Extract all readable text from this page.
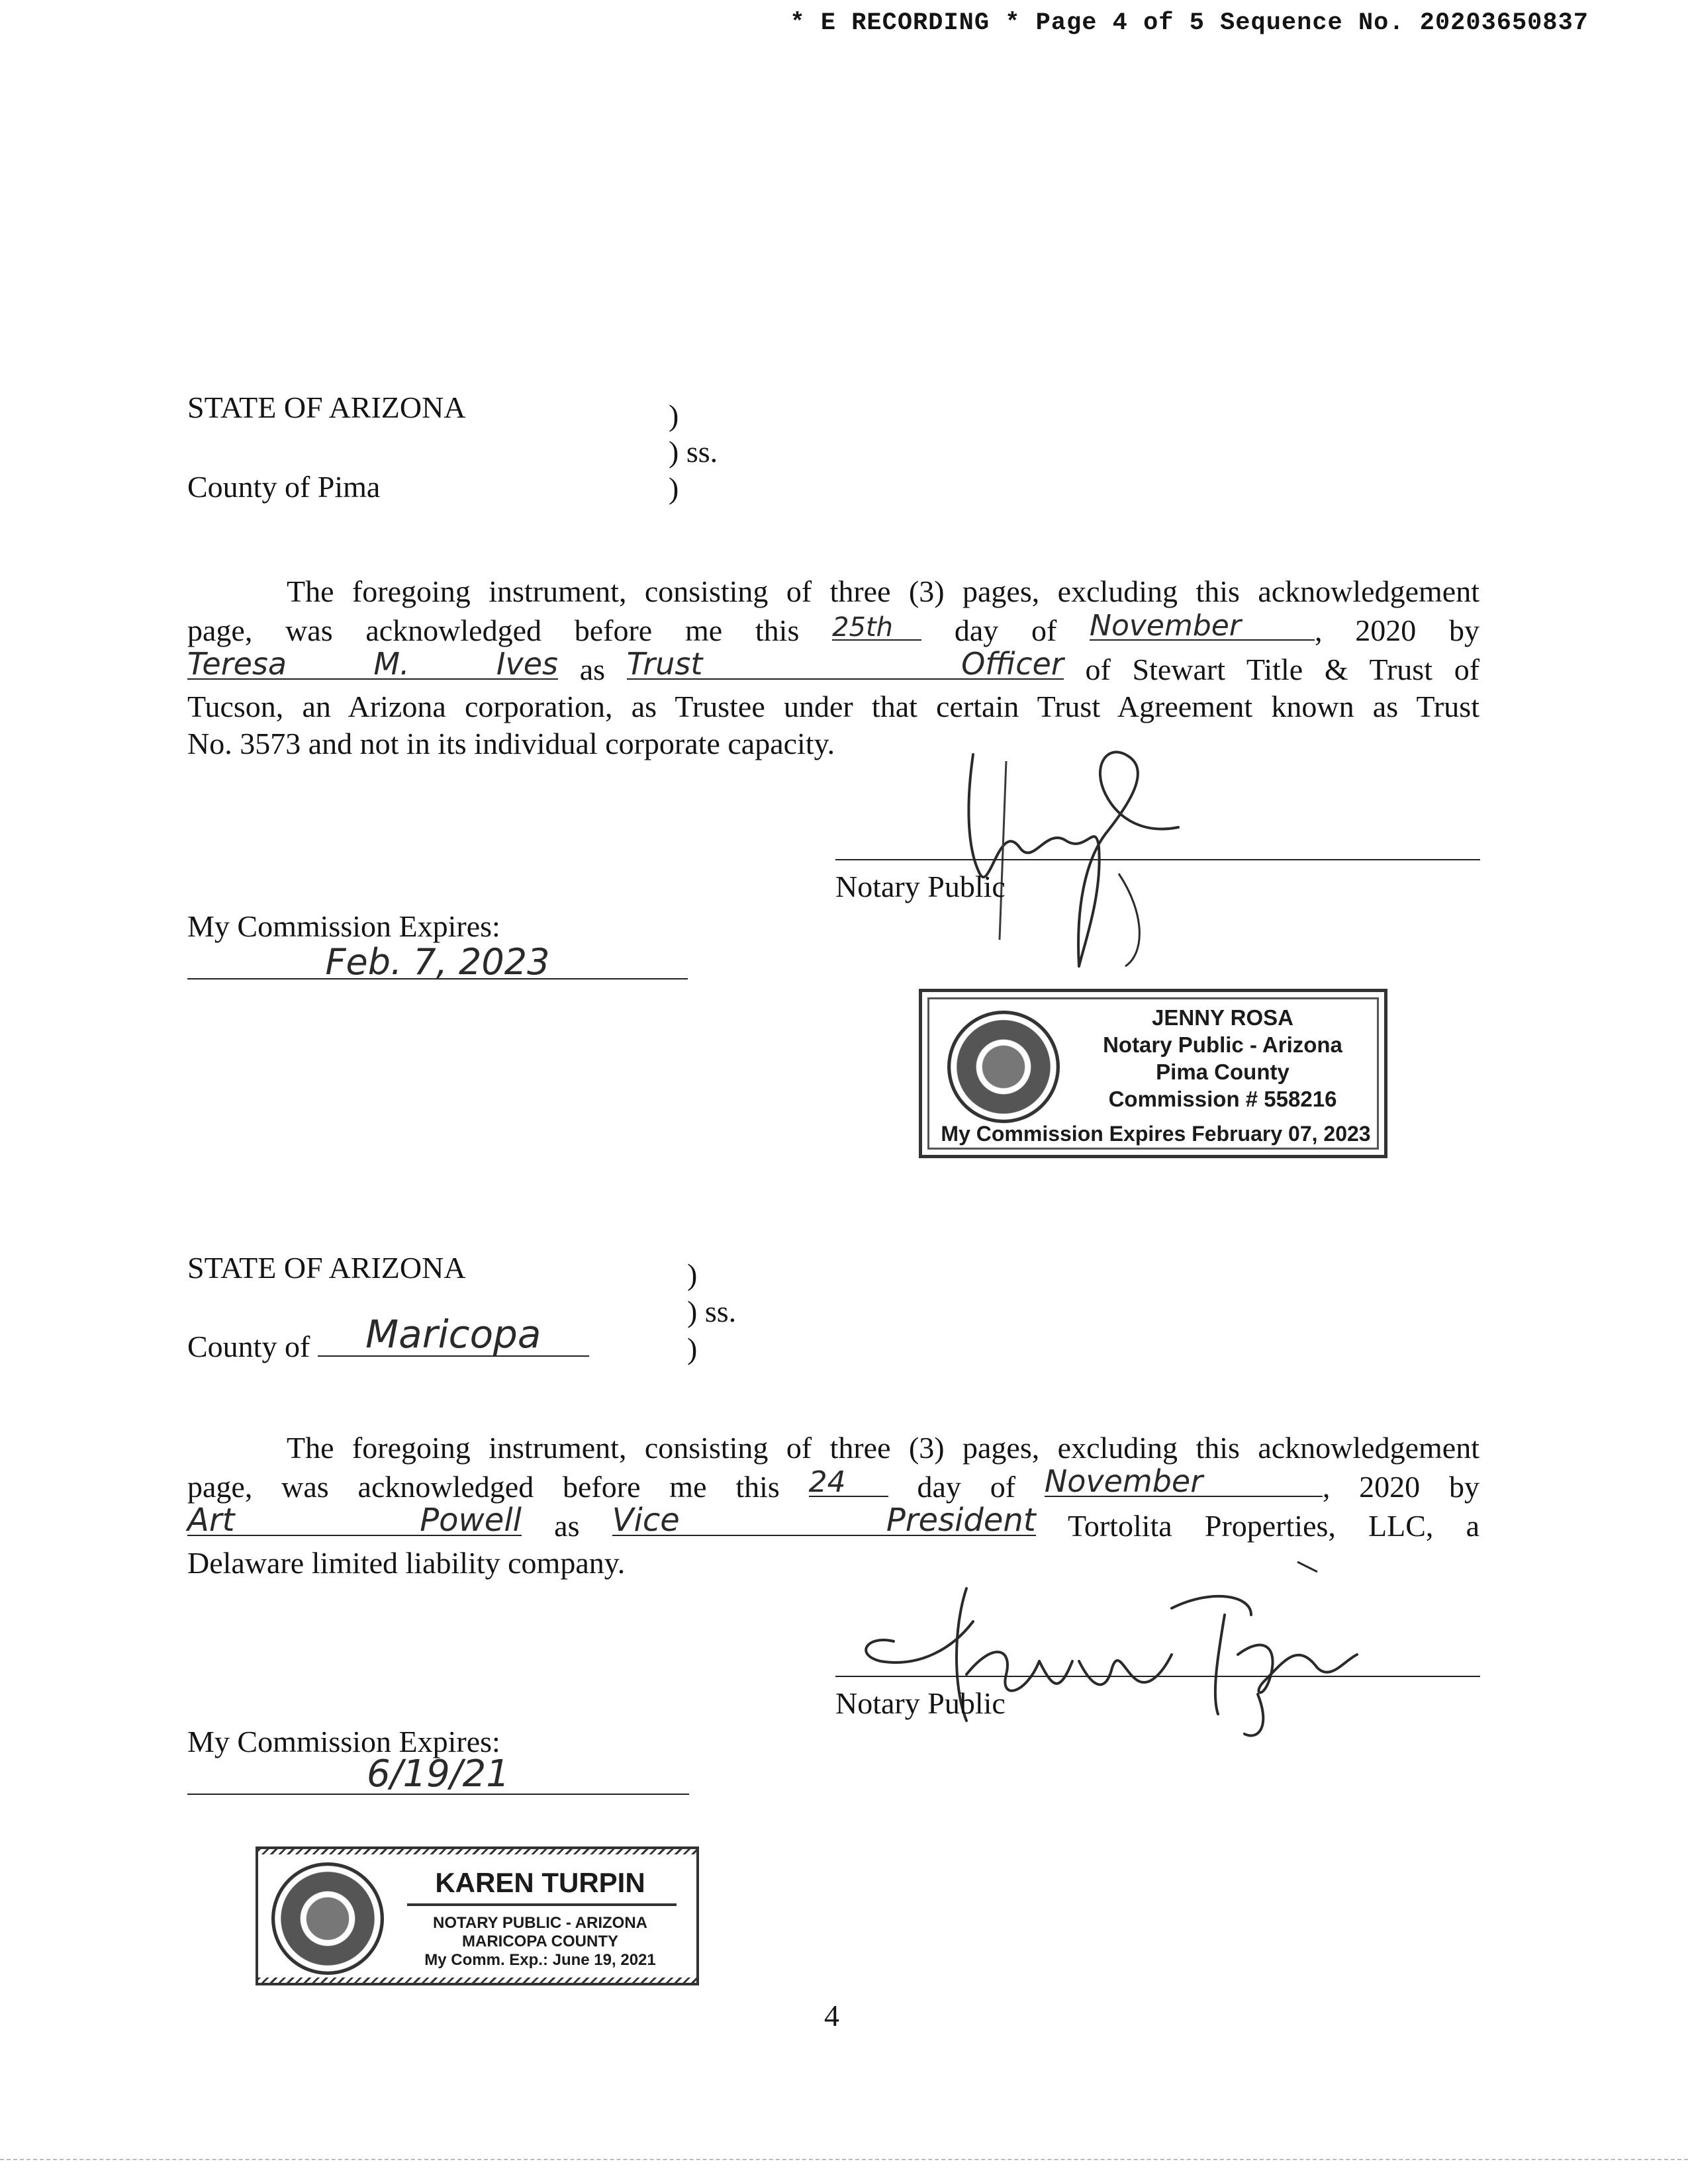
* E RECORDING * Page 4 of 5 Sequence No. 20203650837
STATE OF ARIZONA
County of Pima
)
) ss.
)
The foregoing instrument, consisting of three (3) pages, excluding this acknowledgement
page, was acknowledged before me this 25th	day of November	, 2020 by
Teresa M. Ives as Trust Officer of Stewart Title & Trust of
Tucson, an Arizona corporation, as Trustee under that certain Trust Agreement known as Trust
No. 3573 and not in its individual corporate capacity.
Notary Public
My Commission Expires:
Feb. 7, 2023
JENNY ROSA
Notary Public - Arizona
Pima County
Commission # 558216
My Commission Expires February 07, 2023
STATE OF ARIZONA
County of	Maricopa
)
) ss.
)
The foregoing instrument, consisting of three (3) pages, excluding this acknowledgement
page, was acknowledged before me this 24	day of November	, 2020 by
Art Powell as Vice President Tortolita Properties, LLC, a
Delaware limited liability company.
Notary Public
My Commission Expires:
6/19/21
KAREN TURPIN
NOTARY PUBLIC - ARIZONA
MARICOPA COUNTY
My Comm. Exp.: June 19, 2021
4
